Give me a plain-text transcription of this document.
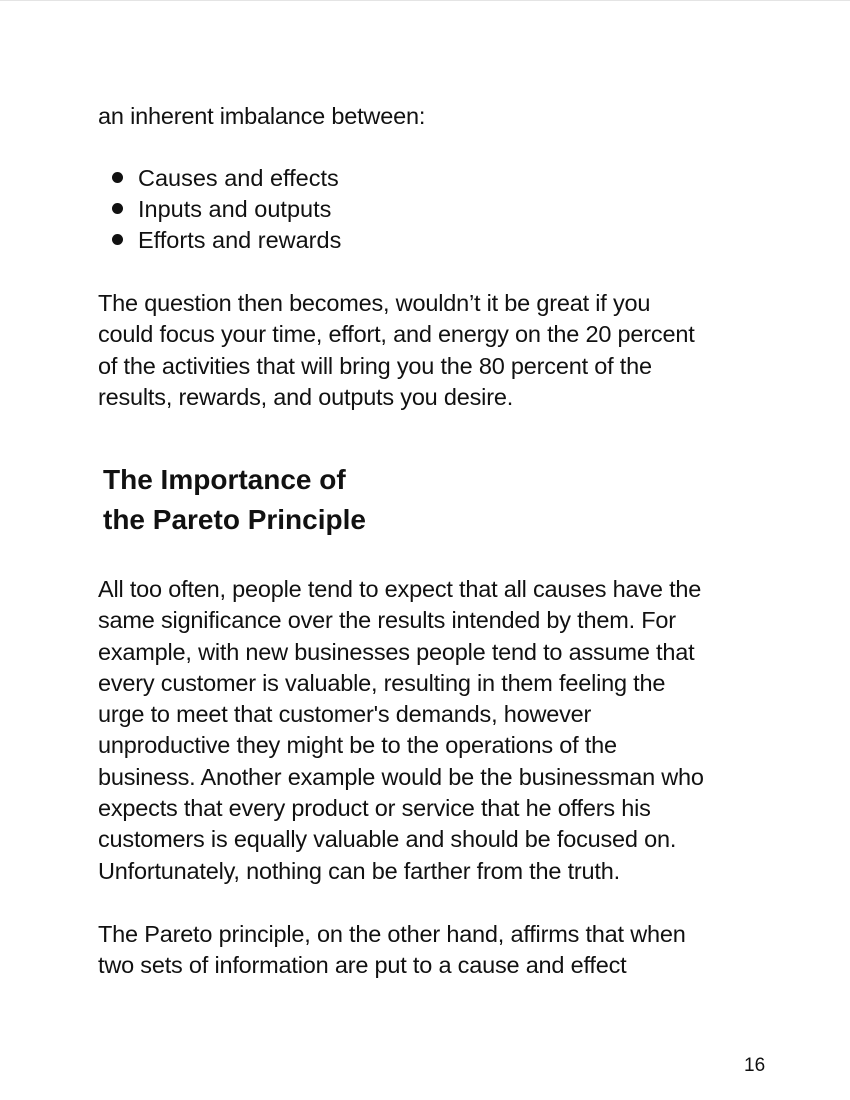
an inherent imbalance between:

Causes and effects
Inputs and outputs
Efforts and rewards

The question then becomes, wouldn’t it be great if you
could focus your time, effort, and energy on the 20 percent
of the activities that will bring you the 80 percent of the
results, rewards, and outputs you desire.

The Importance of
the Pareto Principle

All too often, people tend to expect that all causes have the
same significance over the results intended by them. For
example, with new businesses people tend to assume that
every customer is valuable, resulting in them feeling the
urge to meet that customer's demands, however
unproductive they might be to the operations of the
business. Another example would be the businessman who
expects that every product or service that he offers his
customers is equally valuable and should be focused on.
Unfortunately, nothing can be farther from the truth.

The Pareto principle, on the other hand, affirms that when
two sets of information are put to a cause and effect

16
